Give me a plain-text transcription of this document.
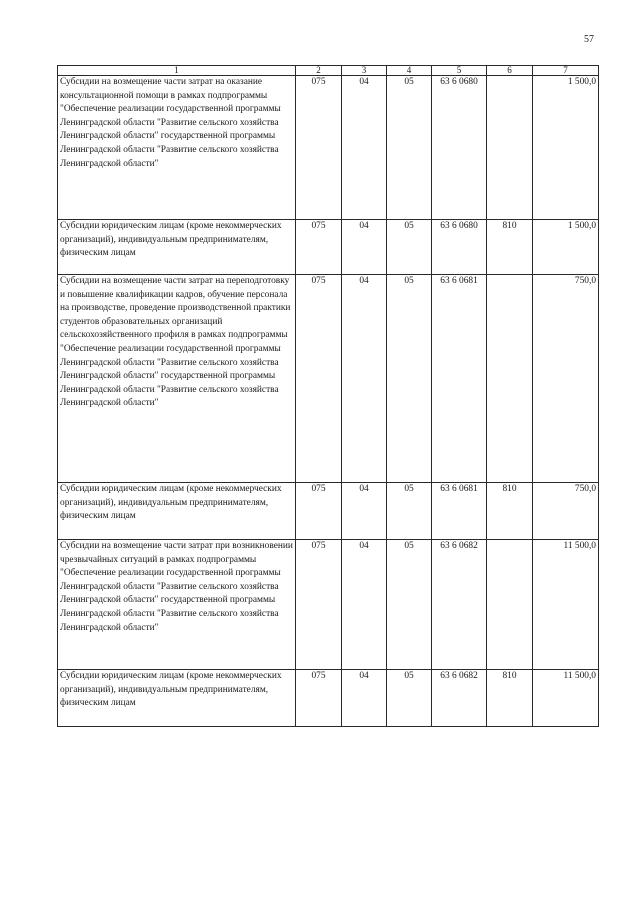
57
1	2	3	4	5	6	7
Субсидии на возмещение части затрат на оказание консультационной помощи в рамках подпрограммы "Обеспечение реализации государственной программы Ленинградской области "Развитие сельского хозяйства Ленинградской области" государственной программы Ленинградской области "Развитие сельского хозяйства Ленинградской области"	075	04	05	63 6 0680		1 500,0
Субсидии юридическим лицам (кроме некоммерческих организаций), индивидуальным предпринимателям, физическим лицам	075	04	05	63 6 0680	810	1 500,0
Субсидии на возмещение части затрат на переподготовку и повышение квалификации кадров, обучение персонала на производстве, проведение производственной практики студентов образовательных организаций сельскохозяйственного профиля в рамках подпрограммы "Обеспечение реализации государственной программы Ленинградской области "Развитие сельского хозяйства Ленинградской области" государственной программы Ленинградской области "Развитие сельского хозяйства Ленинградской области"	075	04	05	63 6 0681		750,0
Субсидии юридическим лицам (кроме некоммерческих организаций), индивидуальным предпринимателям, физическим лицам	075	04	05	63 6 0681	810	750,0
Субсидии на возмещение части затрат при возникновении чрезвычайных ситуаций в рамках подпрограммы "Обеспечение реализации государственной программы Ленинградской области "Развитие сельского хозяйства Ленинградской области" государственной программы Ленинградской области "Развитие сельского хозяйства Ленинградской области"	075	04	05	63 6 0682		11 500,0
Субсидии юридическим лицам (кроме некоммерческих организаций), индивидуальным предпринимателям, физическим лицам	075	04	05	63 6 0682	810	11 500,0
